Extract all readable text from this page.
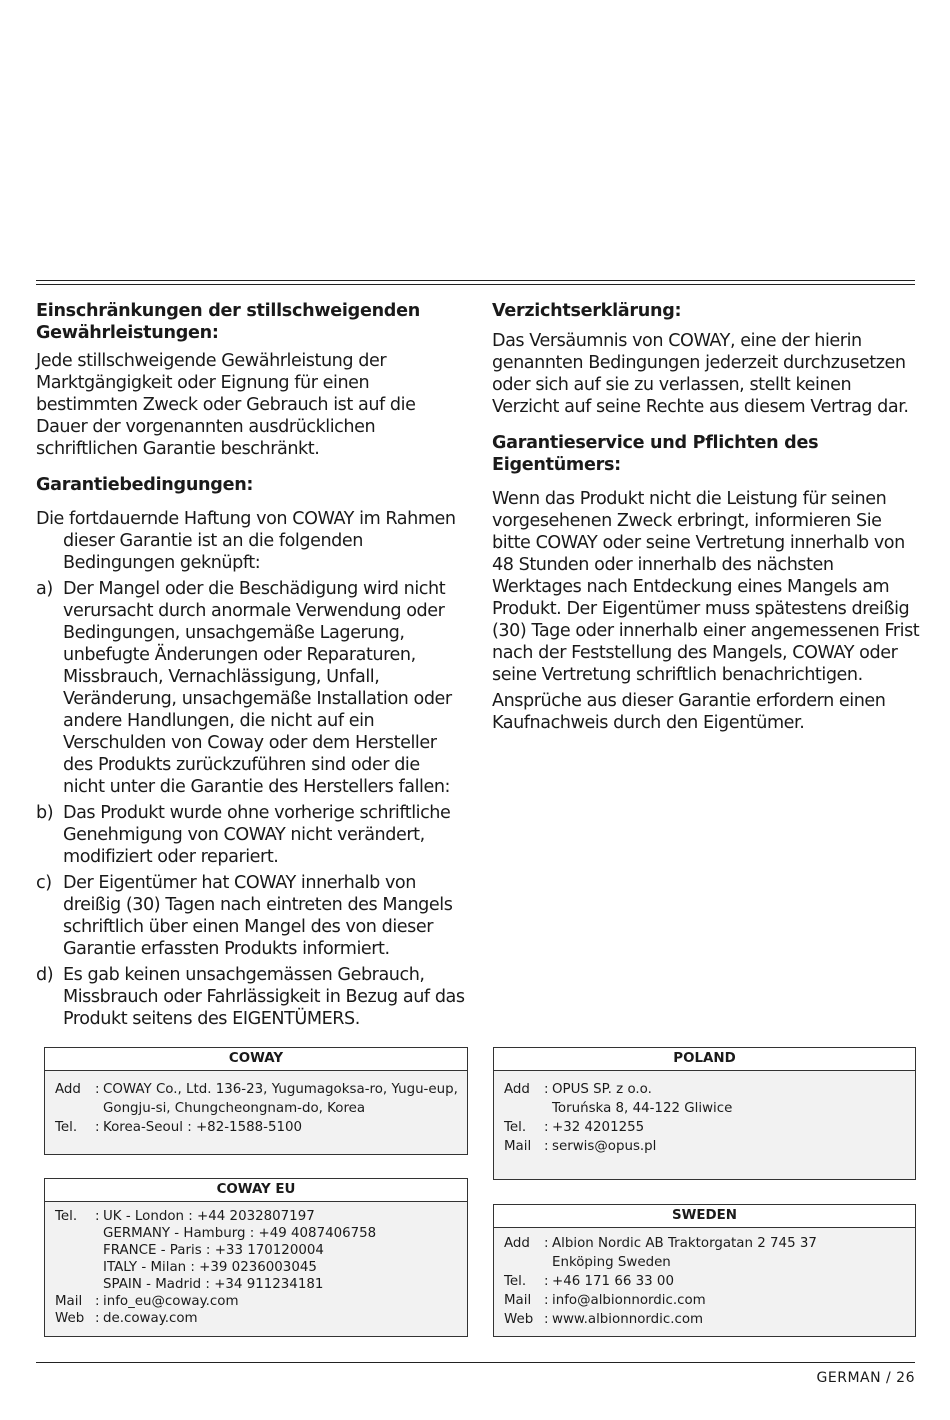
Einschränkungen der stillschweigenden Gewährleistungen:
Jede stillschweigende Gewährleistung der Marktgängigkeit oder Eignung für einen bestimmten Zweck oder Gebrauch ist auf die Dauer der vorgenannten ausdrücklichen schriftlichen Garantie beschränkt.
Garantiebedingungen:
Die fortdauernde Haftung von COWAY im Rahmen dieser Garantie ist an die folgenden Bedingungen geknüpft:
a) Der Mangel oder die Beschädigung wird nicht verursacht durch anormale Verwendung oder Bedingungen, unsachgemäße Lagerung, unbefugte Änderungen oder Reparaturen, Missbrauch, Vernachlässigung, Unfall, Veränderung, unsachgemäße Installation oder andere Handlungen, die nicht auf ein Verschulden von Coway oder dem Hersteller des Produkts zurückzuführen sind oder die nicht unter die Garantie des Herstellers fallen:
b) Das Produkt wurde ohne vorherige schriftliche Genehmigung von COWAY nicht verändert, modifiziert oder repariert.
c) Der Eigentümer hat COWAY innerhalb von dreißig (30) Tagen nach eintreten des Mangels schriftlich über einen Mangel des von dieser Garantie erfassten Produkts informiert.
d) Es gab keinen unsachgemässen Gebrauch, Missbrauch oder Fahrlässigkeit in Bezug auf das Produkt seitens des EIGENTÜMERS.
Verzichtserklärung:
Das Versäumnis von COWAY, eine der hierin genannten Bedingungen jederzeit durchzusetzen oder sich auf sie zu verlassen, stellt keinen Verzicht auf seine Rechte aus diesem Vertrag dar.
Garantieservice und Pflichten des Eigentümers:
Wenn das Produkt nicht die Leistung für seinen vorgesehenen Zweck erbringt, informieren Sie bitte COWAY oder seine Vertretung innerhalb von 48 Stunden oder innerhalb des nächsten Werktages nach Entdeckung eines Mangels am Produkt. Der Eigentümer muss spätestens dreißig (30) Tage oder innerhalb einer angemessenen Frist nach der Feststellung des Mangels, COWAY oder seine Vertretung schriftlich benachrichtigen.
Ansprüche aus dieser Garantie erfordern einen Kaufnachweis durch den Eigentümer.
COWAY
Add	: COWAY Co., Ltd. 136-23, Yugumagoksa-ro, Yugu-eup,
Gongju-si, Chungcheongnam-do, Korea
Tel.	: Korea-Seoul : +82-1588-5100
COWAY EU
Tel.	: UK - London : +44 2032807197
GERMANY - Hamburg : +49 4087406758
FRANCE - Paris : +33 170120004
ITALY - Milan : +39 0236003045
SPAIN - Madrid : +34 911234181
Mail : info_eu@coway.com
Web : de.coway.com
POLAND
Add	: OPUS SP. z o.o.
Toruńska 8, 44-122 Gliwice
Tel.	: +32 4201255
Mail : serwis@opus.pl
SWEDEN
Add	: Albion Nordic AB Traktorgatan 2 745 37
Enköping Sweden
Tel.	: +46 171 66 33 00
Mail : info@albionnordic.com
Web : www.albionnordic.com
GERMAN / 26
